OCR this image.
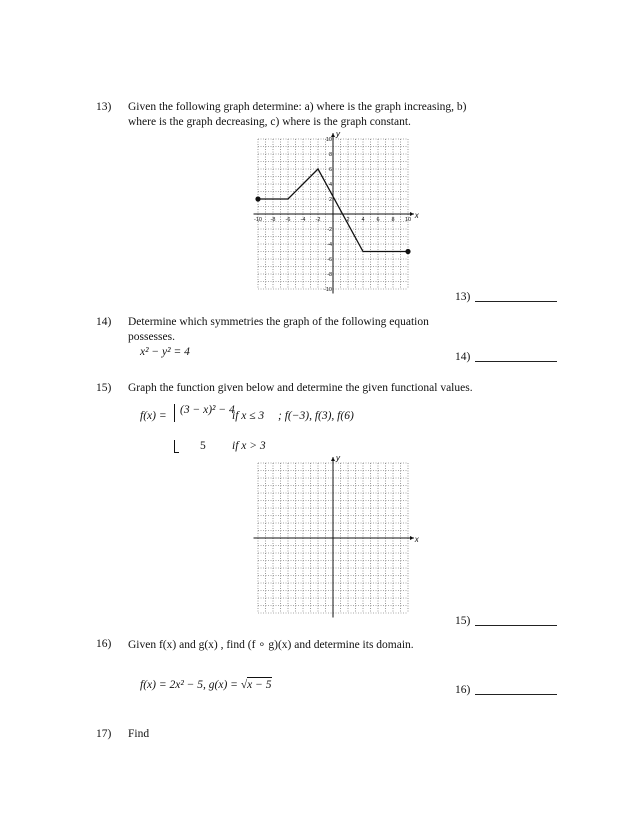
13) Given the following graph determine: a) where is the graph increasing, b)
where is the graph decreasing, c) where is the graph constant.
x
y
-10 -8 -6 -4 -2	2 4 6 8 10
10
8
6
4
2
-2
-4
-6
-8
-10
13)
14) Determine which symmetries the graph of the following equation
possesses.
x² − y² = 4	14)
15) Graph the function given below and determine the given functional values.
f(x) = (3 − x)² − 4
if x ≤ 3 ; f(−3), f(3), f(6)
5 if x > 3
x
y
15)
16) Given f(x) and g(x) , find (f ∘ g)(x) and determine its domain.
f(x) = 2x² − 5, g(x) = √x − 5	16)
17) Find
